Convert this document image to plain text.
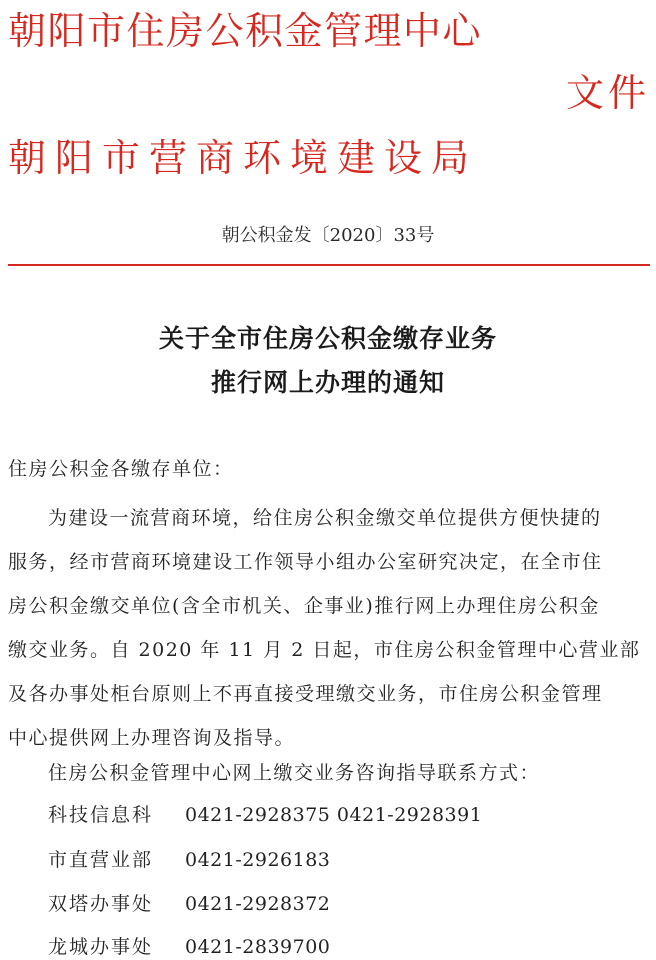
朝阳市住房公积金管理中心
文件
朝阳市营商环境建设局
朝公积金发〔2020〕33号
关于全市住房公积金缴存业务
推行网上办理的通知
住房公积金各缴存单位：
为建设一流营商环境，给住房公积金缴交单位提供方便快捷的
服务，经市营商环境建设工作领导小组办公室研究决定，在全市住
房公积金缴交单位(含全市机关、企事业)推行网上办理住房公积金
缴交业务。自 2020 年 11 月 2 日起，市住房公积金管理中心营业部
及各办事处柜台原则上不再直接受理缴交业务，市住房公积金管理
中心提供网上办理咨询及指导。
住房公积金管理中心网上缴交业务咨询指导联系方式：
科技信息科 0421-2928375 0421-2928391
市直营业部 0421-2926183
双塔办事处 0421-2928372
龙城办事处 0421-2839700
